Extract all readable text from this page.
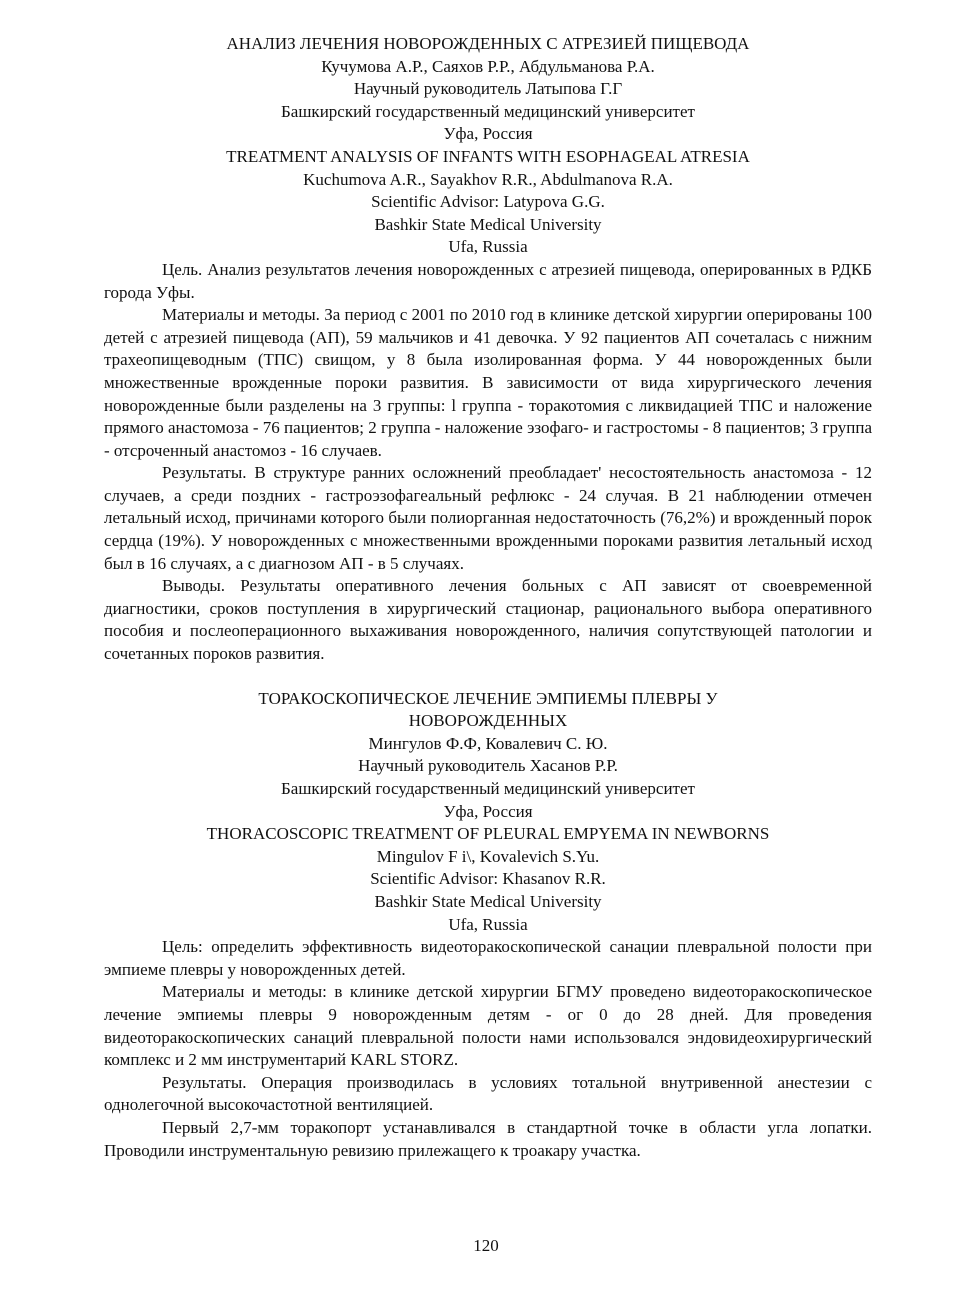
АНАЛИЗ ЛЕЧЕНИЯ НОВОРОЖДЕННЫХ С АТРЕЗИЕЙ ПИЩЕВОДА
Кучумова А.Р., Саяхов Р.Р., Абдульманова Р.А.
Научный руководитель Латыпова Г.Г
Башкирский государственный медицинский университет
Уфа, Россия
TREATMENT ANALYSIS OF INFANTS WITH ESOPHAGEAL ATRESIA
Kuchumova A.R., Sayakhov R.R., Abdulmanova R.A.
Scientific Advisor: Latypova G.G.
Bashkir State Medical University
Ufa, Russia

Цель. Анализ результатов лечения новорожденных с атрезией пищевода, оперированных в РДКБ города Уфы.

Материалы и методы. За период с 2001 по 2010 год в клинике детской хирургии оперированы 100 детей с атрезией пищевода (АП), 59 мальчиков и 41 девочка. У 92 пациентов АП сочеталась с нижним трахеопищеводным (ТПС) свищом, у 8 была изолированная форма. У 44 новорожденных были множественные врожденные пороки развития. В зависимости от вида хирургического лечения новорожденные были разделены на 3 группы: l группа - торакотомия с ликвидацией ТПС и наложение прямого анастомоза - 76 пациентов; 2 группа - наложение эзофаго- и гастростомы - 8 пациентов; 3 группа - отсроченный анастомоз - 16 случаев.

Результаты. В структуре ранних осложнений преобладает' несостоятельность анастомоза - 12 случаев, а среди поздних - гастроэзофагеальный рефлюкс - 24 случая. В 21 наблюдении отмечен летальный исход, причинами которого были полиорганная недостаточность (76,2%) и врожденный порок сердца (19%). У новорожденных с множественными врожденными пороками развития летальный исход был в 16 случаях, а с диагнозом АП - в 5 случаях.

Выводы. Результаты оперативного лечения больных с АП зависят от своевременной диагностики, сроков поступления в хирургический стационар, рационального выбора оперативного пособия и послеоперационного выхаживания новорожденного, наличия сопутствующей патологии и сочетанных пороков развития.

ТОРАКОСКОПИЧЕСКОЕ ЛЕЧЕНИЕ ЭМПИЕМЫ ПЛЕВРЫ У
НОВОРОЖДЕННЫХ
Мингулов Ф.Ф, Ковалевич С. Ю.
Научный руководитель Хасанов Р.Р.
Башкирский государственный медицинский университет
Уфа, Россия
THORACOSCOPIC TREATMENT OF PLEURAL EMPYEMA IN NEWBORNS
Mingulov F i\, Kovalevich S.Yu.
Scientific Advisor: Khasanov R.R.
Bashkir State Medical University
Ufa, Russia

Цель: определить эффективность видеоторакоскопической санации плевральной полости при эмпиеме плевры у новорожденных детей.

Материалы и методы: в клинике детской хирургии БГМУ проведено видеоторакоскопическое лечение эмпиемы плевры 9 новорожденным детям - ог 0 до 28 дней. Для проведения видеоторакоскопических санаций плевральной полости нами использовался эндовидеохирургический комплекс и 2 мм инструментарий KARL STORZ.

Результаты. Операция производилась в условиях тотальной внутривенной анестезии с однолегочной высокочастотной вентиляцией.

Первый 2,7-мм торакопорт устанавливался в стандартной точке в области угла лопатки. Проводили инструментальную ревизию прилежащего к троакару участка.

120
